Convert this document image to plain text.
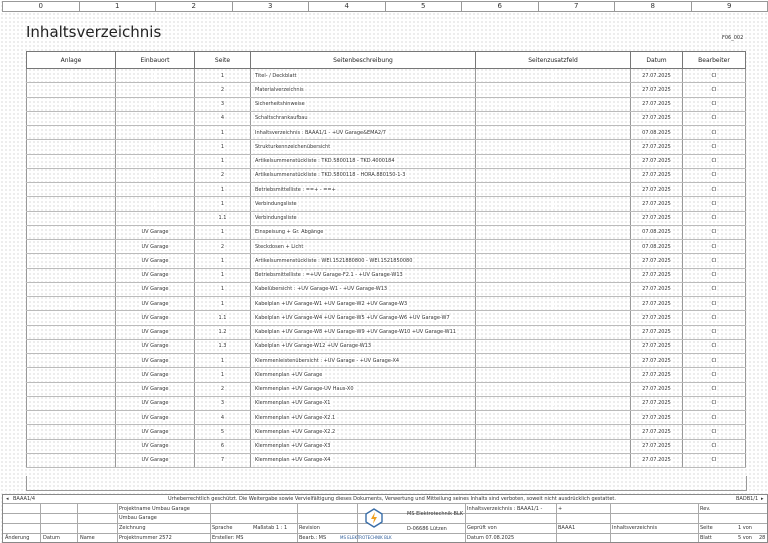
0	1	2	3	4	5	6	7	8	9
Inhaltsverzeichnis	F06_002
Anlage	Einbauort	Seite	Seitenbeschreibung	Seitenzusatzfeld	Datum	Bearbeiter
		1	Titel- / Deckblatt		27.07.2025	CI
		2	Materialverzeichnis		27.07.2025	CI
		3	Sicherheitshinweise		27.07.2025	CI
		4	Schaltschrankaufbau		27.07.2025	CI
		1	Inhaltsverzeichnis : BAAA1/1 - +UV Garage&EMA2/7		07.08.2025	CI
		1	Strukturkennzeichenübersicht		27.07.2025	CI
		1	Artikelsummenstückliste : TKD.5800118 - TKD.4000184		27.07.2025	CI
		2	Artikelsummenstückliste : TKD.5800118 - HORA.880150-1-3		27.07.2025	CI
		1	Betriebsmittelliste : ==+ - ==+		27.07.2025	CI
		1	Verbindungsliste		27.07.2025	CI
		1.1	Verbindungsliste		27.07.2025	CI
	UV Garage	1	Einspeisung + Gr. Abgänge		07.08.2025	CI
	UV Garage	2	Steckdosen + Licht		07.08.2025	CI
	UV Garage	1	Artikelsummenstückliste : WEI.1521880800 - WEI.1521850080		27.07.2025	CI
	UV Garage	1	Betriebsmittelliste : =+UV Garage-F2.1 - +UV Garage-W13		27.07.2025	CI
	UV Garage	1	Kabelübersicht : +UV Garage-W1 - +UV Garage-W13		27.07.2025	CI
	UV Garage	1	Kabelplan +UV Garage-W1 +UV Garage-W2 +UV Garage-W3		27.07.2025	CI
	UV Garage	1.1	Kabelplan +UV Garage-W4 +UV Garage-W5 +UV Garage-W6 +UV Garage-W7		27.07.2025	CI
	UV Garage	1.2	Kabelplan +UV Garage-W8 +UV Garage-W9 +UV Garage-W10 +UV Garage-W11		27.07.2025	CI
	UV Garage	1.3	Kabelplan +UV Garage-W12 +UV Garage-W13		27.07.2025	CI
	UV Garage	1	Klemmenleistenübersicht : +UV Garage - +UV Garage-X4		27.07.2025	CI
	UV Garage	1	Klemmenplan +UV Garage		27.07.2025	CI
	UV Garage	2	Klemmenplan +UV Garage-UV Haus-X0		27.07.2025	CI
	UV Garage	3	Klemmenplan +UV Garage-X1		27.07.2025	CI
	UV Garage	4	Klemmenplan +UV Garage-X2.1		27.07.2025	CI
	UV Garage	5	Klemmenplan +UV Garage-X2.2		27.07.2025	CI
	UV Garage	6	Klemmenplan +UV Garage-X3		27.07.2025	CI
	UV Garage	7	Klemmenplan +UV Garage-X4		27.07.2025	CI
BAAA1/4
◂	Urheberrechtlich geschützt. Die Weitergabe sowie Vervielfältigung dieses Dokuments, Verwertung und Mitteilung seines Inhalts sind verboten, soweit nicht ausdrücklich gestattet.	BADB1/1 ▸
Projektname Umbau Garage
Umbau Garage
Zeichnung
Projektnummer 2572
Sprache
Ersteller: MS
Maßstab 1 : 1 Revision
Bearb.: MS	MS ELEKTROTECHNIK BLK
MS Elektrotechnik BLK
D-06686 Lützen
Inhaltsverzeichnis : BAAA1/1 -	+
Geprüft von
Datum 07.08.2025
BAAA1	Inhaltsverzeichnis
Rev.
Seite	1 von
Blatt	5 von 28
Änderung	Datum	Name
